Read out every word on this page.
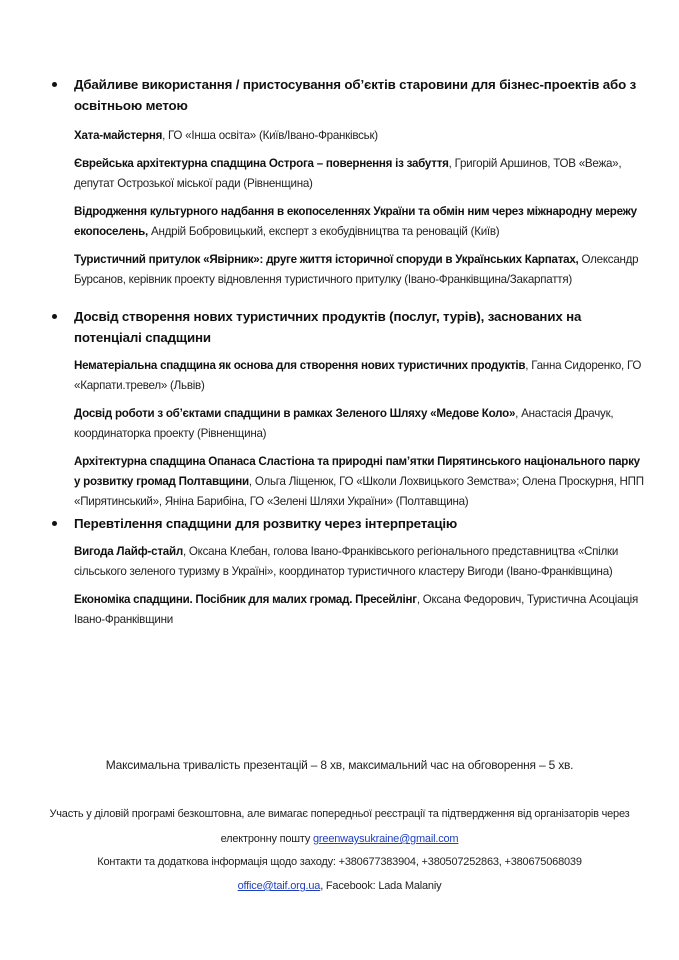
Дбайливе використання / пристосування об’єктів старовини для бізнес-проектів або з освітньою метою
Хата-майстерня, ГО «Інша освіта» (Київ/Івано-Франківськ)
Єврейська архітектурна спадщина Острога – повернення із забуття, Григорій Аршинов, ТОВ «Вежа», депутат Острозької міської ради (Рівненщина)
Відродження культурного надбання в екопоселеннях України та обмін ним через міжнародну мережу екопоселень, Андрій Бобровицький, експерт з екобудівництва та реновацій (Київ)
Туристичний притулок «Явірник»: друге життя історичної споруди в Українських Карпатах, Олександр Бурсанов, керівник проекту відновлення туристичного притулку (Івано-Франківщина/Закарпаття)
Досвід створення нових туристичних продуктів (послуг, турів), заснованих на потенціалі спадщини
Нематеріальна спадщина як основа для створення нових туристичних продуктів, Ганна Сидоренко, ГО «Карпати.тревел» (Львів)
Досвід роботи з об’єктами спадщини в рамках Зеленого Шляху «Медове Коло», Анастасія Драчук, координаторка проекту (Рівненщина)
Архітектурна спадщина Опанаса Сластіона та природні пам’ятки Пирятинського національного парку у розвитку громад Полтавщини, Ольга Ліщенюк, ГО «Школи Лохвицького Земства»; Олена Проскурня, НПП «Пирятинський», Яніна Барибіна, ГО «Зелені Шляхи України» (Полтавщина)
Перевтілення спадщини для розвитку через інтерпретацію
Вигода Лайф-стайл, Оксана Клебан, голова Івано-Франківського регіонального представництва «Спілки сільського зеленого туризму в Україні», координатор туристичного кластеру Вигоди (Івано-Франківщина)
Економіка спадщини. Посібник для малих громад. Пресейлінг, Оксана Федорович, Туристична Асоціація Івано-Франківщини
Максимальна тривалість презентацій – 8 хв, максимальний час на обговорення – 5 хв.
Участь у діловій програмі безкоштовна, але вимагає попередньої реєстрації та підтвердження від організаторів через
електронну пошту greenwaysukraine@gmail.com
Контакти та додаткова інформація щодо заходу: +380677383904, +380507252863, +380675068039
office@taif.org.ua, Facebook: Lada Malaniy
